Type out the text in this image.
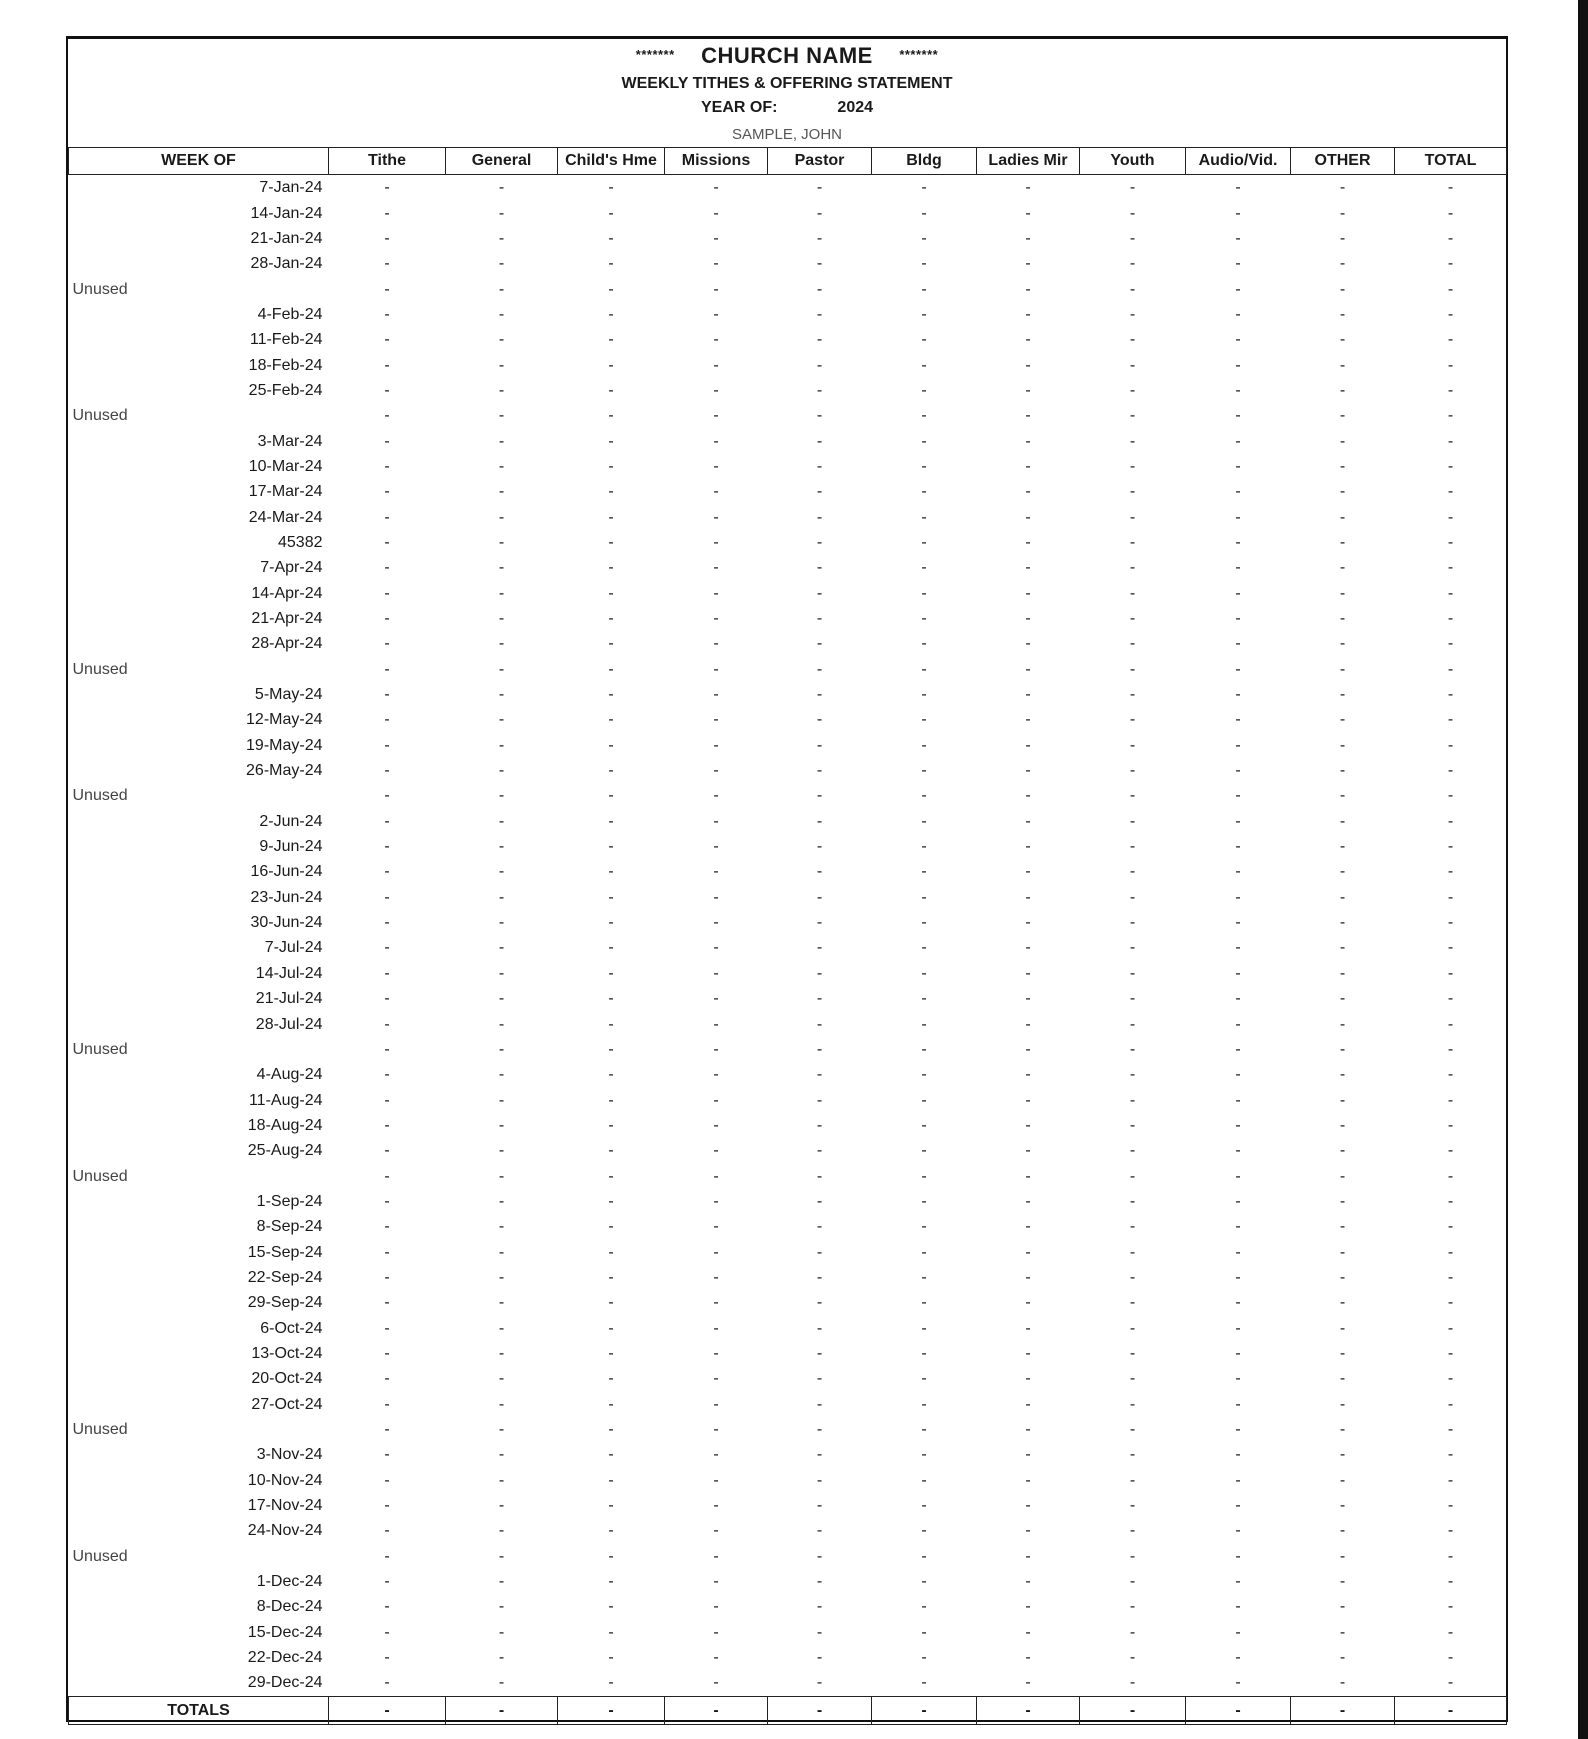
******* CHURCH NAME *******
WEEKLY TITHES & OFFERING STATEMENT
YEAR OF:	2024
SAMPLE, JOHN
WEEK OF	Tithe	General	Child's Hme	Missions	Pastor	Bldg	Ladies Mir	Youth	Audio/Vid.	OTHER	TOTAL
7-Jan-24	-	-	-	-	-	-	-	-	-	-	-
14-Jan-24	-	-	-	-	-	-	-	-	-	-	-
21-Jan-24	-	-	-	-	-	-	-	-	-	-	-
28-Jan-24	-	-	-	-	-	-	-	-	-	-	-
Unused	-	-	-	-	-	-	-	-	-	-	-
4-Feb-24	-	-	-	-	-	-	-	-	-	-	-
11-Feb-24	-	-	-	-	-	-	-	-	-	-	-
18-Feb-24	-	-	-	-	-	-	-	-	-	-	-
25-Feb-24	-	-	-	-	-	-	-	-	-	-	-
Unused	-	-	-	-	-	-	-	-	-	-	-
3-Mar-24	-	-	-	-	-	-	-	-	-	-	-
10-Mar-24	-	-	-	-	-	-	-	-	-	-	-
17-Mar-24	-	-	-	-	-	-	-	-	-	-	-
24-Mar-24	-	-	-	-	-	-	-	-	-	-	-
45382	-	-	-	-	-	-	-	-	-	-	-
7-Apr-24	-	-	-	-	-	-	-	-	-	-	-
14-Apr-24	-	-	-	-	-	-	-	-	-	-	-
21-Apr-24	-	-	-	-	-	-	-	-	-	-	-
28-Apr-24	-	-	-	-	-	-	-	-	-	-	-
Unused	-	-	-	-	-	-	-	-	-	-	-
5-May-24	-	-	-	-	-	-	-	-	-	-	-
12-May-24	-	-	-	-	-	-	-	-	-	-	-
19-May-24	-	-	-	-	-	-	-	-	-	-	-
26-May-24	-	-	-	-	-	-	-	-	-	-	-
Unused	-	-	-	-	-	-	-	-	-	-	-
2-Jun-24	-	-	-	-	-	-	-	-	-	-	-
9-Jun-24	-	-	-	-	-	-	-	-	-	-	-
16-Jun-24	-	-	-	-	-	-	-	-	-	-	-
23-Jun-24	-	-	-	-	-	-	-	-	-	-	-
30-Jun-24	-	-	-	-	-	-	-	-	-	-	-
7-Jul-24	-	-	-	-	-	-	-	-	-	-	-
14-Jul-24	-	-	-	-	-	-	-	-	-	-	-
21-Jul-24	-	-	-	-	-	-	-	-	-	-	-
28-Jul-24	-	-	-	-	-	-	-	-	-	-	-
Unused	-	-	-	-	-	-	-	-	-	-	-
4-Aug-24	-	-	-	-	-	-	-	-	-	-	-
11-Aug-24	-	-	-	-	-	-	-	-	-	-	-
18-Aug-24	-	-	-	-	-	-	-	-	-	-	-
25-Aug-24	-	-	-	-	-	-	-	-	-	-	-
Unused	-	-	-	-	-	-	-	-	-	-	-
1-Sep-24	-	-	-	-	-	-	-	-	-	-	-
8-Sep-24	-	-	-	-	-	-	-	-	-	-	-
15-Sep-24	-	-	-	-	-	-	-	-	-	-	-
22-Sep-24	-	-	-	-	-	-	-	-	-	-	-
29-Sep-24	-	-	-	-	-	-	-	-	-	-	-
6-Oct-24	-	-	-	-	-	-	-	-	-	-	-
13-Oct-24	-	-	-	-	-	-	-	-	-	-	-
20-Oct-24	-	-	-	-	-	-	-	-	-	-	-
27-Oct-24	-	-	-	-	-	-	-	-	-	-	-
Unused	-	-	-	-	-	-	-	-	-	-	-
3-Nov-24	-	-	-	-	-	-	-	-	-	-	-
10-Nov-24	-	-	-	-	-	-	-	-	-	-	-
17-Nov-24	-	-	-	-	-	-	-	-	-	-	-
24-Nov-24	-	-	-	-	-	-	-	-	-	-	-
Unused	-	-	-	-	-	-	-	-	-	-	-
1-Dec-24	-	-	-	-	-	-	-	-	-	-	-
8-Dec-24	-	-	-	-	-	-	-	-	-	-	-
15-Dec-24	-	-	-	-	-	-	-	-	-	-	-
22-Dec-24	-	-	-	-	-	-	-	-	-	-	-
29-Dec-24	-	-	-	-	-	-	-	-	-	-	-
TOTALS	-	-	-	-	-	-	-	-	-	-	-
